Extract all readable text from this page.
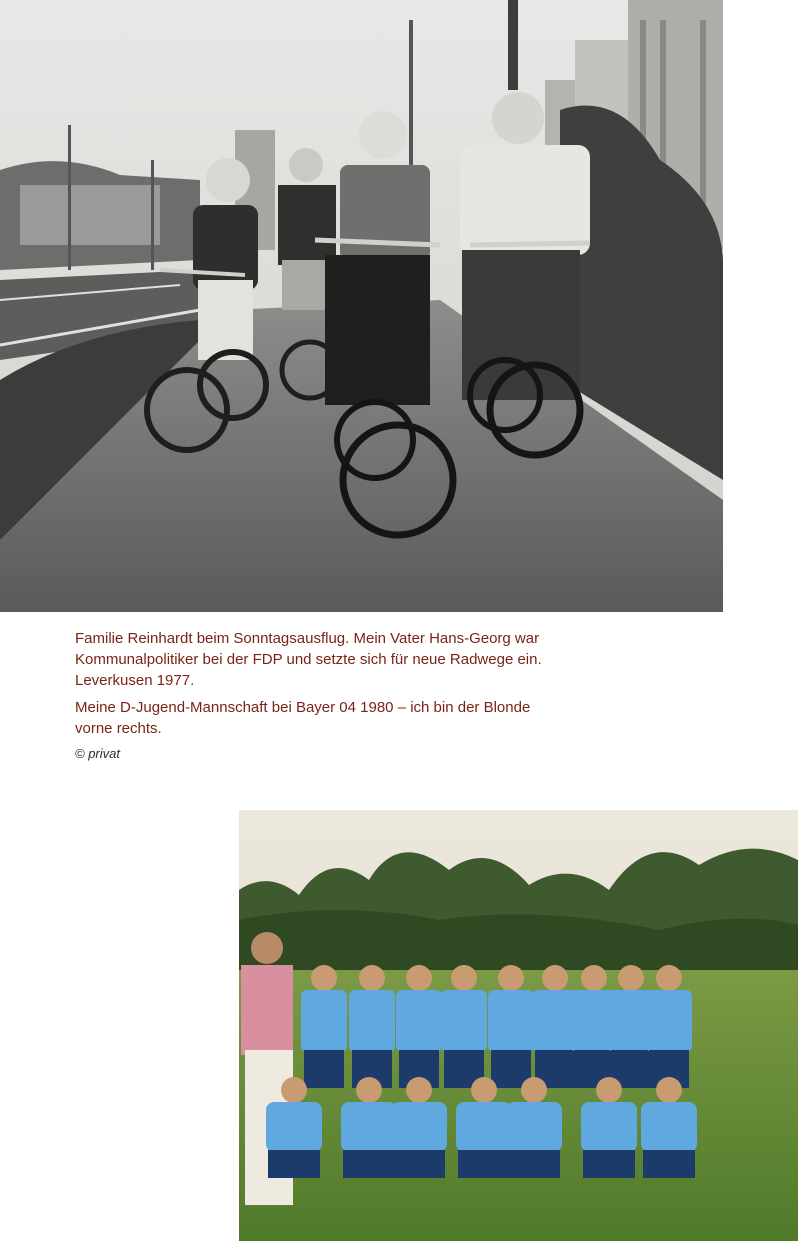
Familie Reinhardt beim Sonntagsausflug. Mein Vater Hans-Georg war
Kommunalpolitiker bei der FDP und setzte sich für neue Radwege ein.
Leverkusen 1977.

Meine D-Jugend-Mannschaft bei Bayer 04 1980 – ich bin der Blonde
vorne rechts.

© privat
